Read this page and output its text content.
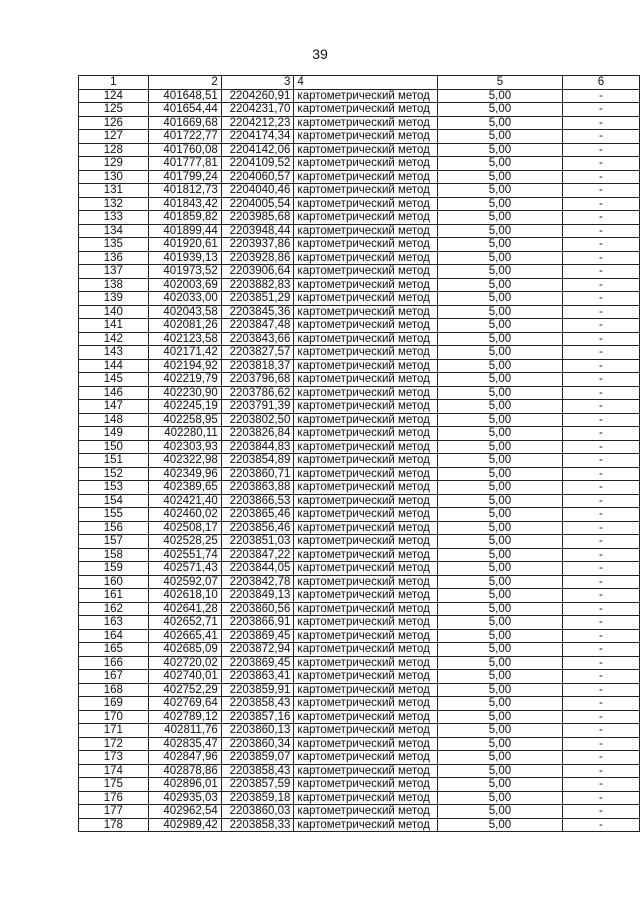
39
1	2	3	4	5	6
124	401648,51	2204260,91	картометрический метод	5,00	-
125	401654,44	2204231,70	картометрический метод	5,00	-
126	401669,68	2204212,23	картометрический метод	5,00	-
127	401722,77	2204174,34	картометрический метод	5,00	-
128	401760,08	2204142,06	картометрический метод	5,00	-
129	401777,81	2204109,52	картометрический метод	5,00	-
130	401799,24	2204060,57	картометрический метод	5,00	-
131	401812,73	2204040,46	картометрический метод	5,00	-
132	401843,42	2204005,54	картометрический метод	5,00	-
133	401859,82	2203985,68	картометрический метод	5,00	-
134	401899,44	2203948,44	картометрический метод	5,00	-
135	401920,61	2203937,86	картометрический метод	5,00	-
136	401939,13	2203928,86	картометрический метод	5,00	-
137	401973,52	2203906,64	картометрический метод	5,00	-
138	402003,69	2203882,83	картометрический метод	5,00	-
139	402033,00	2203851,29	картометрический метод	5,00	-
140	402043,58	2203845,36	картометрический метод	5,00	-
141	402081,26	2203847,48	картометрический метод	5,00	-
142	402123,58	2203843,66	картометрический метод	5,00	-
143	402171,42	2203827,57	картометрический метод	5,00	-
144	402194,92	2203818,37	картометрический метод	5,00	-
145	402219,79	2203796,68	картометрический метод	5,00	-
146	402230,90	2203786,62	картометрический метод	5,00	-
147	402245,19	2203791,39	картометрический метод	5,00	-
148	402258,95	2203802,50	картометрический метод	5,00	-
149	402280,11	2203826,84	картометрический метод	5,00	-
150	402303,93	2203844,83	картометрический метод	5,00	-
151	402322,98	2203854,89	картометрический метод	5,00	-
152	402349,96	2203860,71	картометрический метод	5,00	-
153	402389,65	2203863,88	картометрический метод	5,00	-
154	402421,40	2203866,53	картометрический метод	5,00	-
155	402460,02	2203865,46	картометрический метод	5,00	-
156	402508,17	2203856,46	картометрический метод	5,00	-
157	402528,25	2203851,03	картометрический метод	5,00	-
158	402551,74	2203847,22	картометрический метод	5,00	-
159	402571,43	2203844,05	картометрический метод	5,00	-
160	402592,07	2203842,78	картометрический метод	5,00	-
161	402618,10	2203849,13	картометрический метод	5,00	-
162	402641,28	2203860,56	картометрический метод	5,00	-
163	402652,71	2203866,91	картометрический метод	5,00	-
164	402665,41	2203869,45	картометрический метод	5,00	-
165	402685,09	2203872,94	картометрический метод	5,00	-
166	402720,02	2203869,45	картометрический метод	5,00	-
167	402740,01	2203863,41	картометрический метод	5,00	-
168	402752,29	2203859,91	картометрический метод	5,00	-
169	402769,64	2203858,43	картометрический метод	5,00	-
170	402789,12	2203857,16	картометрический метод	5,00	-
171	402811,76	2203860,13	картометрический метод	5,00	-
172	402835,47	2203860,34	картометрический метод	5,00	-
173	402847,96	2203859,07	картометрический метод	5,00	-
174	402878,86	2203858,43	картометрический метод	5,00	-
175	402896,01	2203857,59	картометрический метод	5,00	-
176	402935,03	2203859,18	картометрический метод	5,00	-
177	402962,54	2203860,03	картометрический метод	5,00	-
178	402989,42	2203858,33	картометрический метод	5,00	-
